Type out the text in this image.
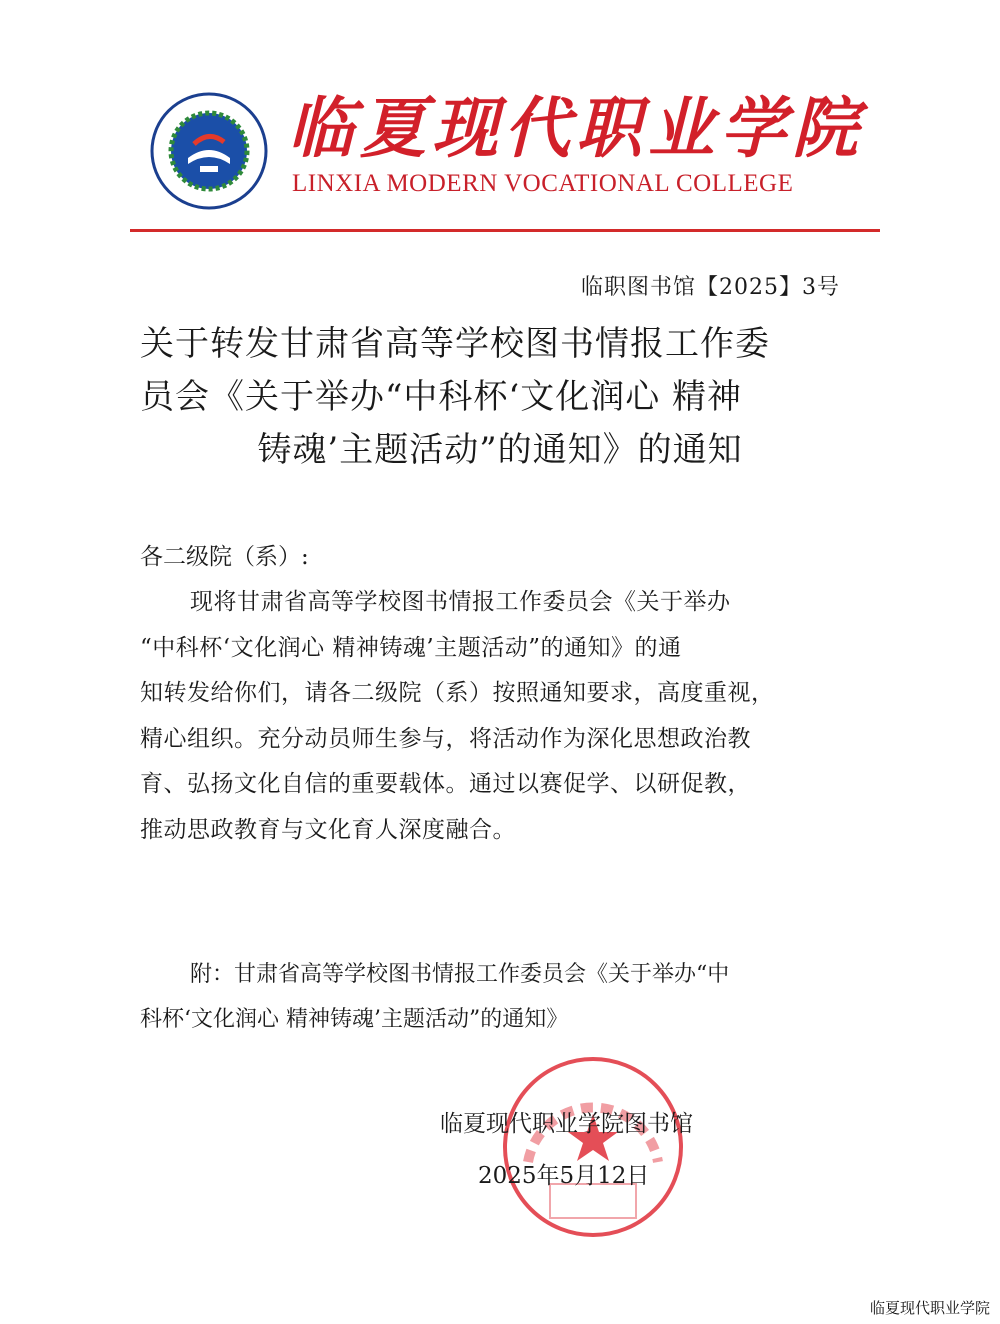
临夏现代职业学院
LINXIA MODERN VOCATIONAL COLLEGE
临职图书馆【2025】3号
关于转发甘肃省高等学校图书情报工作委
员会《关于举办“中科杯‘文化润心 精神
铸魂’主题活动”的通知》的通知
各二级院（系）:
现将甘肃省高等学校图书情报工作委员会《关于举办
“中科杯‘文化润心 精神铸魂’主题活动”的通知》的通
知转发给你们，请各二级院（系）按照通知要求，高度重视，
精心组织。充分动员师生参与，将活动作为深化思想政治教
育、弘扬文化自信的重要载体。通过以赛促学、以研促教，
推动思政教育与文化育人深度融合。
附：甘肃省高等学校图书情报工作委员会《关于举办“中
科杯‘文化润心 精神铸魂’主题活动”的通知》
临夏现代职业学院图书馆
2025年5月12日
临夏现代职业学院
